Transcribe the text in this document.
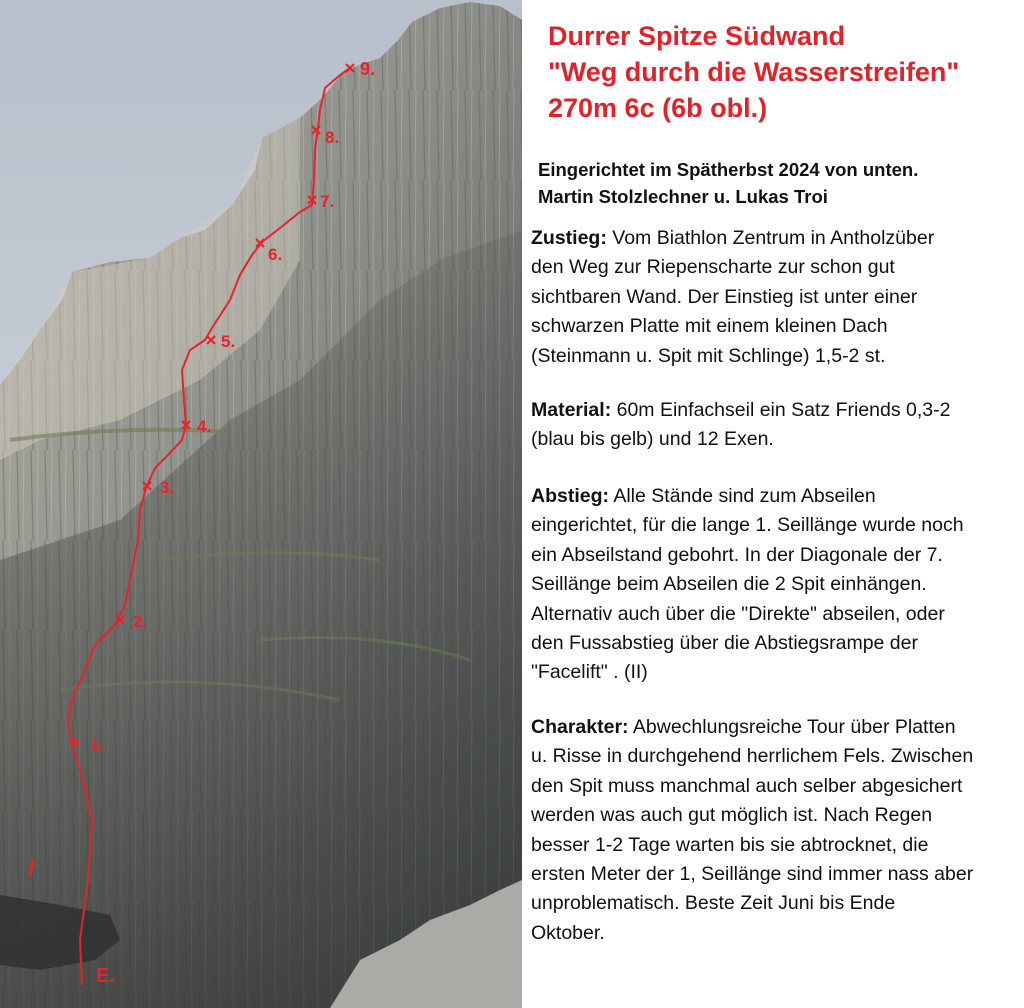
E.
1.
2.
3.
4.
5.
6.
7.
8.
9.
Durrer Spitze Südwand
"Weg durch die Wasserstreifen"
270m 6c (6b obl.)
Eingerichtet im Spätherbst 2024 von unten.
Martin Stolzlechner u. Lukas Troi
Zustieg: Vom Biathlon Zentrum in Antholzüber
den Weg zur Riepenscharte zur schon gut
sichtbaren Wand. Der Einstieg ist unter einer
schwarzen Platte mit einem kleinen Dach
(Steinmann u. Spit mit Schlinge) 1,5-2 st.
Material: 60m Einfachseil ein Satz Friends 0,3-2
(blau bis gelb) und 12 Exen.
Abstieg: Alle Stände sind zum Abseilen
eingerichtet, für die lange 1. Seillänge wurde noch
ein Abseilstand gebohrt. In der Diagonale der 7.
Seillänge beim Abseilen die 2 Spit einhängen.
Alternativ auch über die "Direkte" abseilen, oder
den Fussabstieg über die Abstiegsrampe der
"Facelift" . (II)
Charakter: Abwechlungsreiche Tour über Platten
u. Risse in durchgehend herrlichem Fels. Zwischen
den Spit muss manchmal auch selber abgesichert
werden was auch gut möglich ist. Nach Regen
besser 1-2 Tage warten bis sie abtrocknet, die
ersten Meter der 1, Seillänge sind immer nass aber
unproblematisch. Beste Zeit Juni bis Ende
Oktober.
